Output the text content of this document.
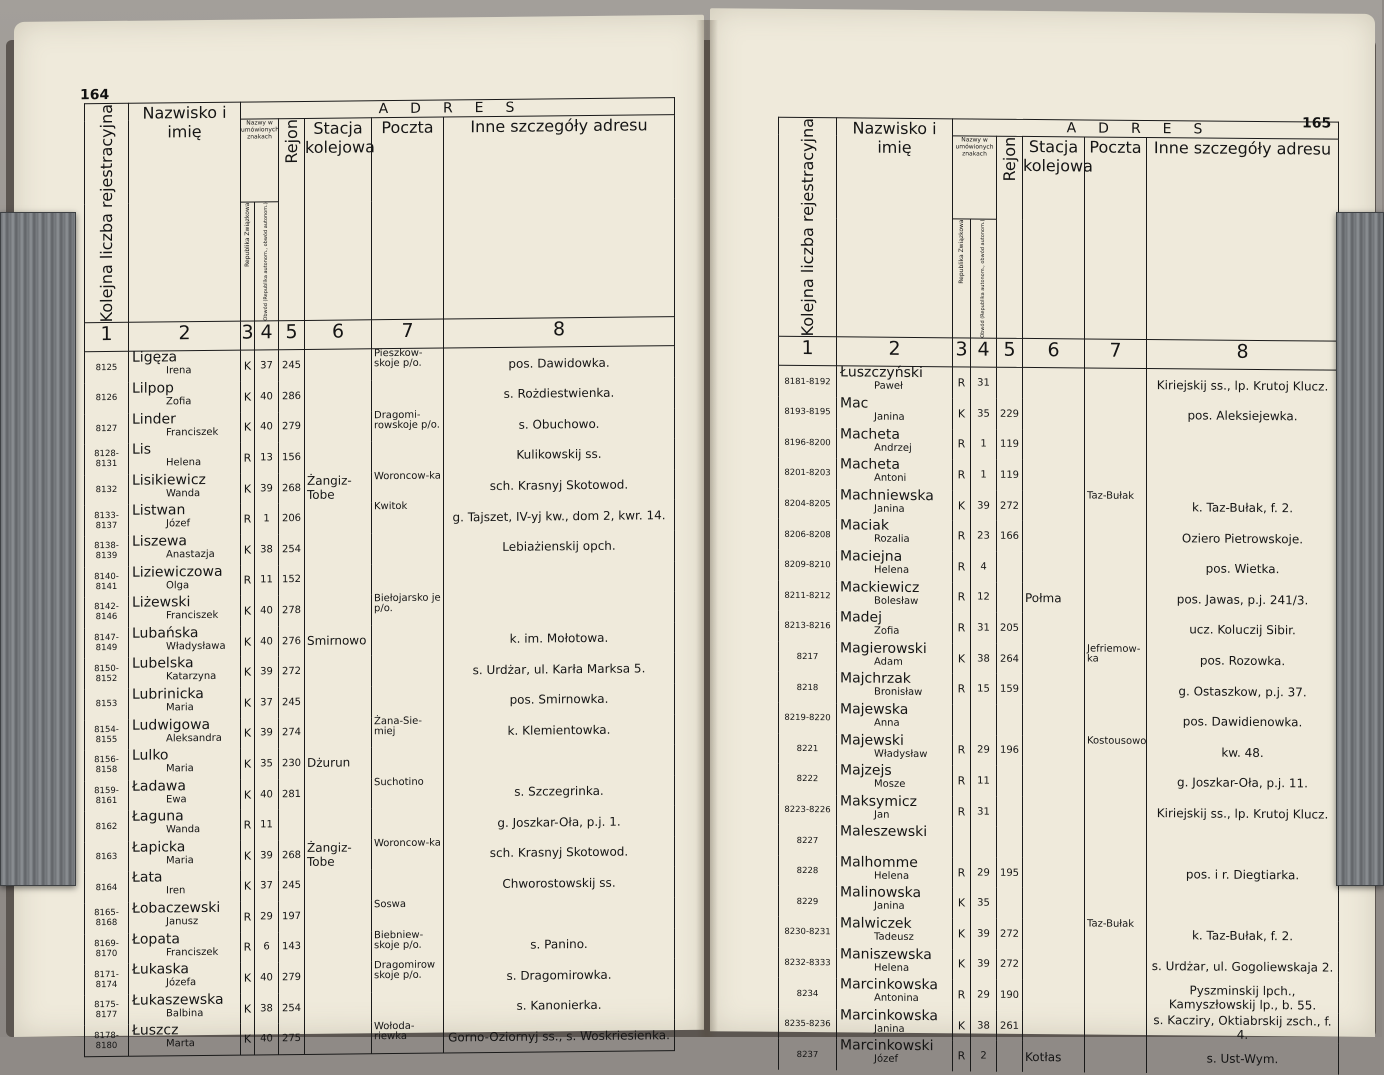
164
Kolejna liczba rejestracyjna	Nazwisko i imię	ADRES					
		Nazwy w umówionych znakach		Rejon	Stacja kolejowa	Poczta	Inne szczegóły adresu

		Republika Związkowa	Obwód (Republika autonom., obwód autonom.)				

1	2	3	4	5	6	7	8
8125	Ligęza
Irena	K	37	245		Pieszkow-skoje p/o.	pos. Dawidowka.
8126	Lilpop
Zofia	K	40	286			s. Rożdiestwienka.
8127	Linder
Franciszek	K	40	279		Dragomi-rowskoje p/o.	s. Obuchowo.
8128-8131	Lis
Helena	R	13	156			Kulikowskij ss.
8132	Lisikiewicz
Wanda	K	39	268	Żangiz-Tobe	Woroncow-ka	sch. Krasnyj Skotowod.
8133-8137	Listwan
Józef	R	1	206		Kwitok	g. Tajszet, IV-yj kw., dom 2, kwr. 14.
8138-8139	Liszewa
Anastazja	K	38	254			Lebiażienskij opch.
8140-8141	Liziewiczowa
Olga	R	11	152			
8142-8146	Liżewski
Franciszek	K	40	278		Biełojarsko je p/o.	
8147-8149	Lubańska
Władysława	K	40	276	Smirnowo		k. im. Mołotowa.
8150-8152	Lubelska
Katarzyna	K	39	272			s. Urdżar, ul. Karła Marksa 5.
8153	Lubrinicka
Maria	K	37	245			pos. Smirnowka.
8154-8155	Ludwigowa
Aleksandra	K	39	274		Żana-Sie-miej	k. Klemientowka.
8156-8158	Lulko
Maria	K	35	230	Dżurun		
8159-8161	Ładawa
Ewa	K	40	281		Suchotino	s. Szczegrinka.
8162	Łaguna
Wanda	R	11				g. Joszkar-Oła, p.j. 1.
8163	Łapicka
Maria	K	39	268	Żangiz-Tobe	Woroncow-ka	sch. Krasnyj Skotowod.
8164	Łata
Iren	K	37	245			Chworostowskij ss.
8165-8168	Łobaczewski
Janusz	R	29	197		Soswa	
8169-8170	Łopata
Franciszek	R	6	143		Biebniew-skoje p/o.	s. Panino.
8171-8174	Łukaska
Józefa	K	40	279		Dragomirow skoje p/o.	s. Dragomirowka.
8175-8177	Łukaszewska
Balbina	K	38	254			s. Kanonierka.
8178-8180	Łuszcz
Marta	K	40	275		Wołoda-riewka	Gorno-Oziornyj ss., s. Woskriesienka.
165
Kolejna liczba rejestracyjna	Nazwisko i imię	ADRES					
		Nazwy w umówionych znakach		Rejon	Stacja kolejowa	Poczta	Inne szczegóły adresu

		Republika Związkowa	Obwód (Republika autonom., obwód autonom.)				

1	2	3	4	5	6	7	8
8181-8192	Łuszczyński
Paweł	R	31				Kiriejskij ss., lp. Krutoj Klucz.
8193-8195	Mac
Janina	K	35	229			pos. Aleksiejewka.
8196-8200	Macheta
Andrzej	R	1	119			
8201-8203	Macheta
Antoni	R	1	119			
8204-8205	Machniewska
Janina	K	39	272		Taz-Bułak	k. Taz-Bułak, f. 2.
8206-8208	Maciak
Rozalia	R	23	166			Oziero Pietrowskoje.
8209-8210	Maciejna
Helena	R	4				pos. Wietka.
8211-8212	Mackiewicz
Bolesław	R	12		Połma		pos. Jawas, p.j. 241/3.
8213-8216	Madej
Zofia	R	31	205			ucz. Koluczij Sibir.
8217	Magierowski
Adam	K	38	264		Jefriemow-ka	pos. Rozowka.
8218	Majchrzak
Bronisław	R	15	159			g. Ostaszkow, p.j. 37.
8219-8220	Majewska
Anna						pos. Dawidienowka.
8221	Majewski
Władysław	R	29	196		Kostousowo	kw. 48.
8222	Majzejs
Mosze	R	11				g. Joszkar-Oła, p.j. 11.
8223-8226	Maksymicz
Jan	R	31				Kiriejskij ss., lp. Krutoj Klucz.
8227	Maleszewski						

8228	Malhomme
Helena	R	29	195			pos. i r. Diegtiarka.
8229	Malinowska
Janina	K	35				
8230-8231	Malwiczek
Tadeusz	K	39	272		Taz-Bułak	k. Taz-Bułak, f. 2.
8232-8333	Maniszewska
Helena	K	39	272			s. Urdżar, ul. Gogoliewskaja 2.
8234	Marcinkowska
Antonina	R	29	190			Pyszminskij lpch., Kamyszłowskij lp., b. 55.
8235-8236	Marcinkowska
Janina	K	38	261			s. Kacziry, Oktiabrskij zsch., f. 4.
8237	Marcinkowski
Józef	R	2		Kotłas		s. Ust-Wym.
